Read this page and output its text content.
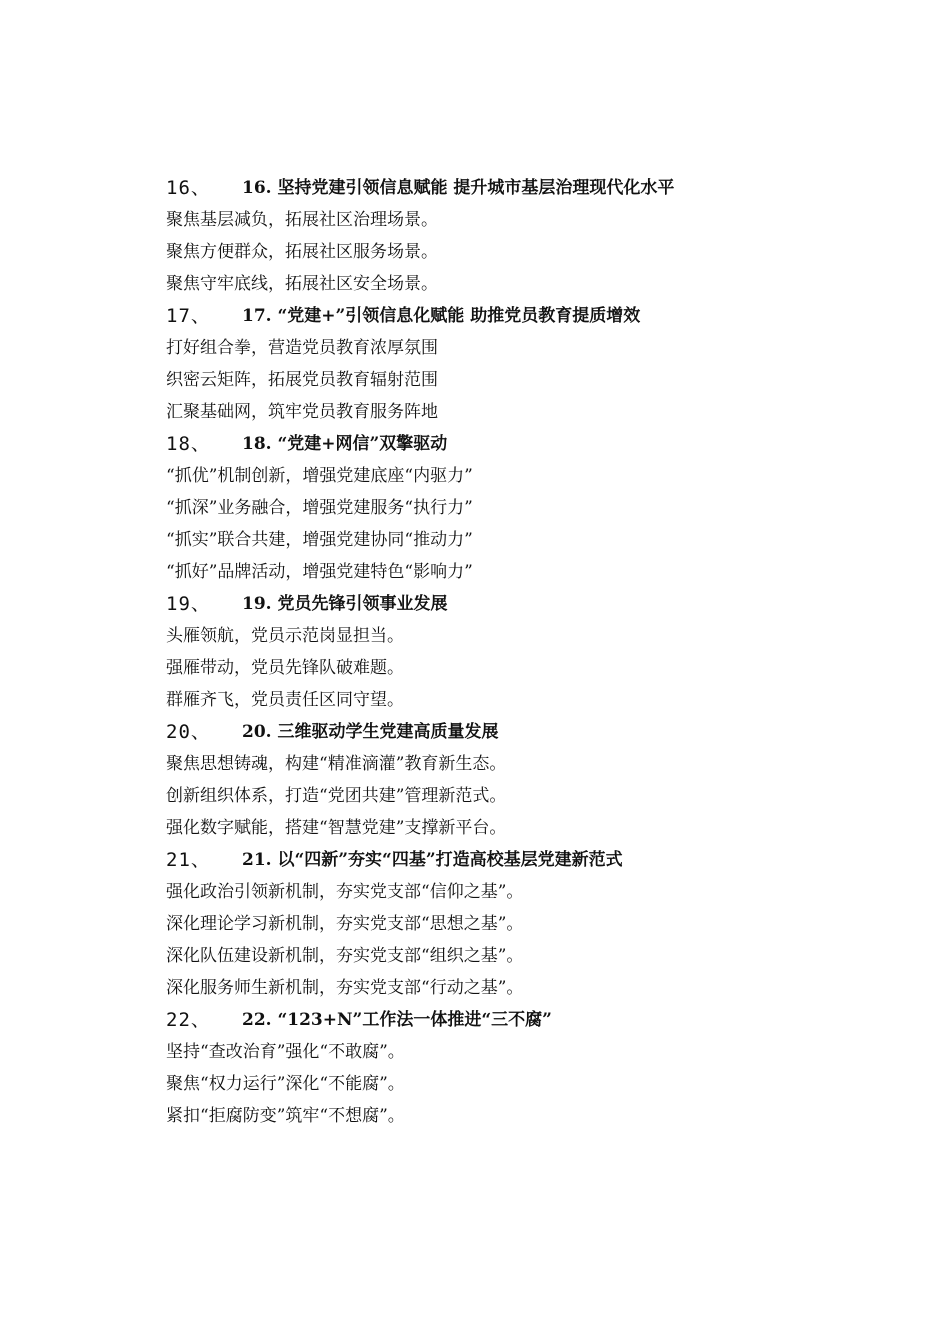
16、	16. 坚持党建引领信息赋能 提升城市基层治理现代化水平

聚焦基层减负，拓展社区治理场景。

聚焦方便群众，拓展社区服务场景。

聚焦守牢底线，拓展社区安全场景。

17、	17. “党建+”引领信息化赋能 助推党员教育提质增效

打好组合拳，营造党员教育浓厚氛围

织密云矩阵，拓展党员教育辐射范围

汇聚基础网，筑牢党员教育服务阵地

18、	18. “党建+网信”双擎驱动

“抓优”机制创新，增强党建底座“内驱力”

“抓深”业务融合，增强党建服务“执行力”

“抓实”联合共建，增强党建协同“推动力”

“抓好”品牌活动，增强党建特色“影响力”

19、	19. 党员先锋引领事业发展

头雁领航，党员示范岗显担当。

强雁带动，党员先锋队破难题。

群雁齐飞，党员责任区同守望。

20、	20. 三维驱动学生党建高质量发展

聚焦思想铸魂，构建“精准滴灌”教育新生态。

创新组织体系，打造“党团共建”管理新范式。

强化数字赋能，搭建“智慧党建”支撑新平台。

21、	21. 以“四新”夯实“四基”打造高校基层党建新范式

强化政治引领新机制，夯实党支部“信仰之基”。

深化理论学习新机制，夯实党支部“思想之基”。

深化队伍建设新机制，夯实党支部“组织之基”。

深化服务师生新机制，夯实党支部“行动之基”。

22、	22. “123+N”工作法一体推进“三不腐”

坚持“查改治育”强化“不敢腐”。

聚焦“权力运行”深化“不能腐”。

紧扣“拒腐防变”筑牢“不想腐”。
